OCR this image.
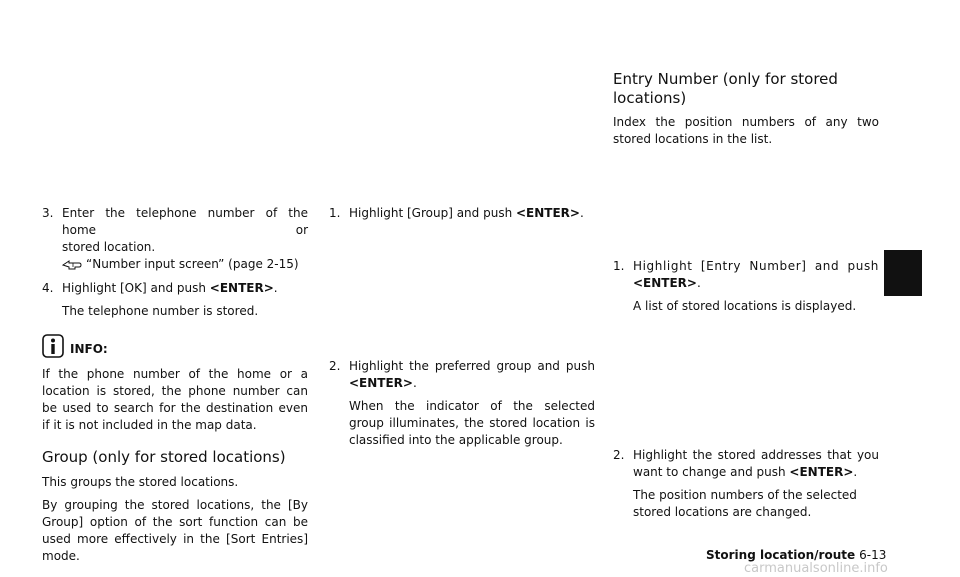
3. Enter the telephone number of the home or
stored location.
“Number input screen” (page 2-15)
4. Highlight [OK] and push <ENTER>.
The telephone number is stored.
INFO:

If the phone number of the home or a location is stored, the phone number can be used to search for the destination even if it is not included in the map data.

Group (only for stored locations)

This groups the stored locations.

By grouping the stored locations, the [By Group] option of the sort function can be used more effectively in the [Sort Entries] mode.

1. Highlight [Group] and push <ENTER>.
2. Highlight the preferred group and push
<ENTER>.
When the indicator of the selected group illuminates, the stored location is classified into the applicable group.
Entry Number (only for stored locations)

Index the position numbers of any two stored locations in the list.

1. Highlight [Entry Number] and push
<ENTER>.
A list of stored locations is displayed.
2. Highlight the stored addresses that you
want to change and push <ENTER>.
The position numbers of the selected stored locations are changed.
Storing location/route 6-13
carmanualsonline.info
